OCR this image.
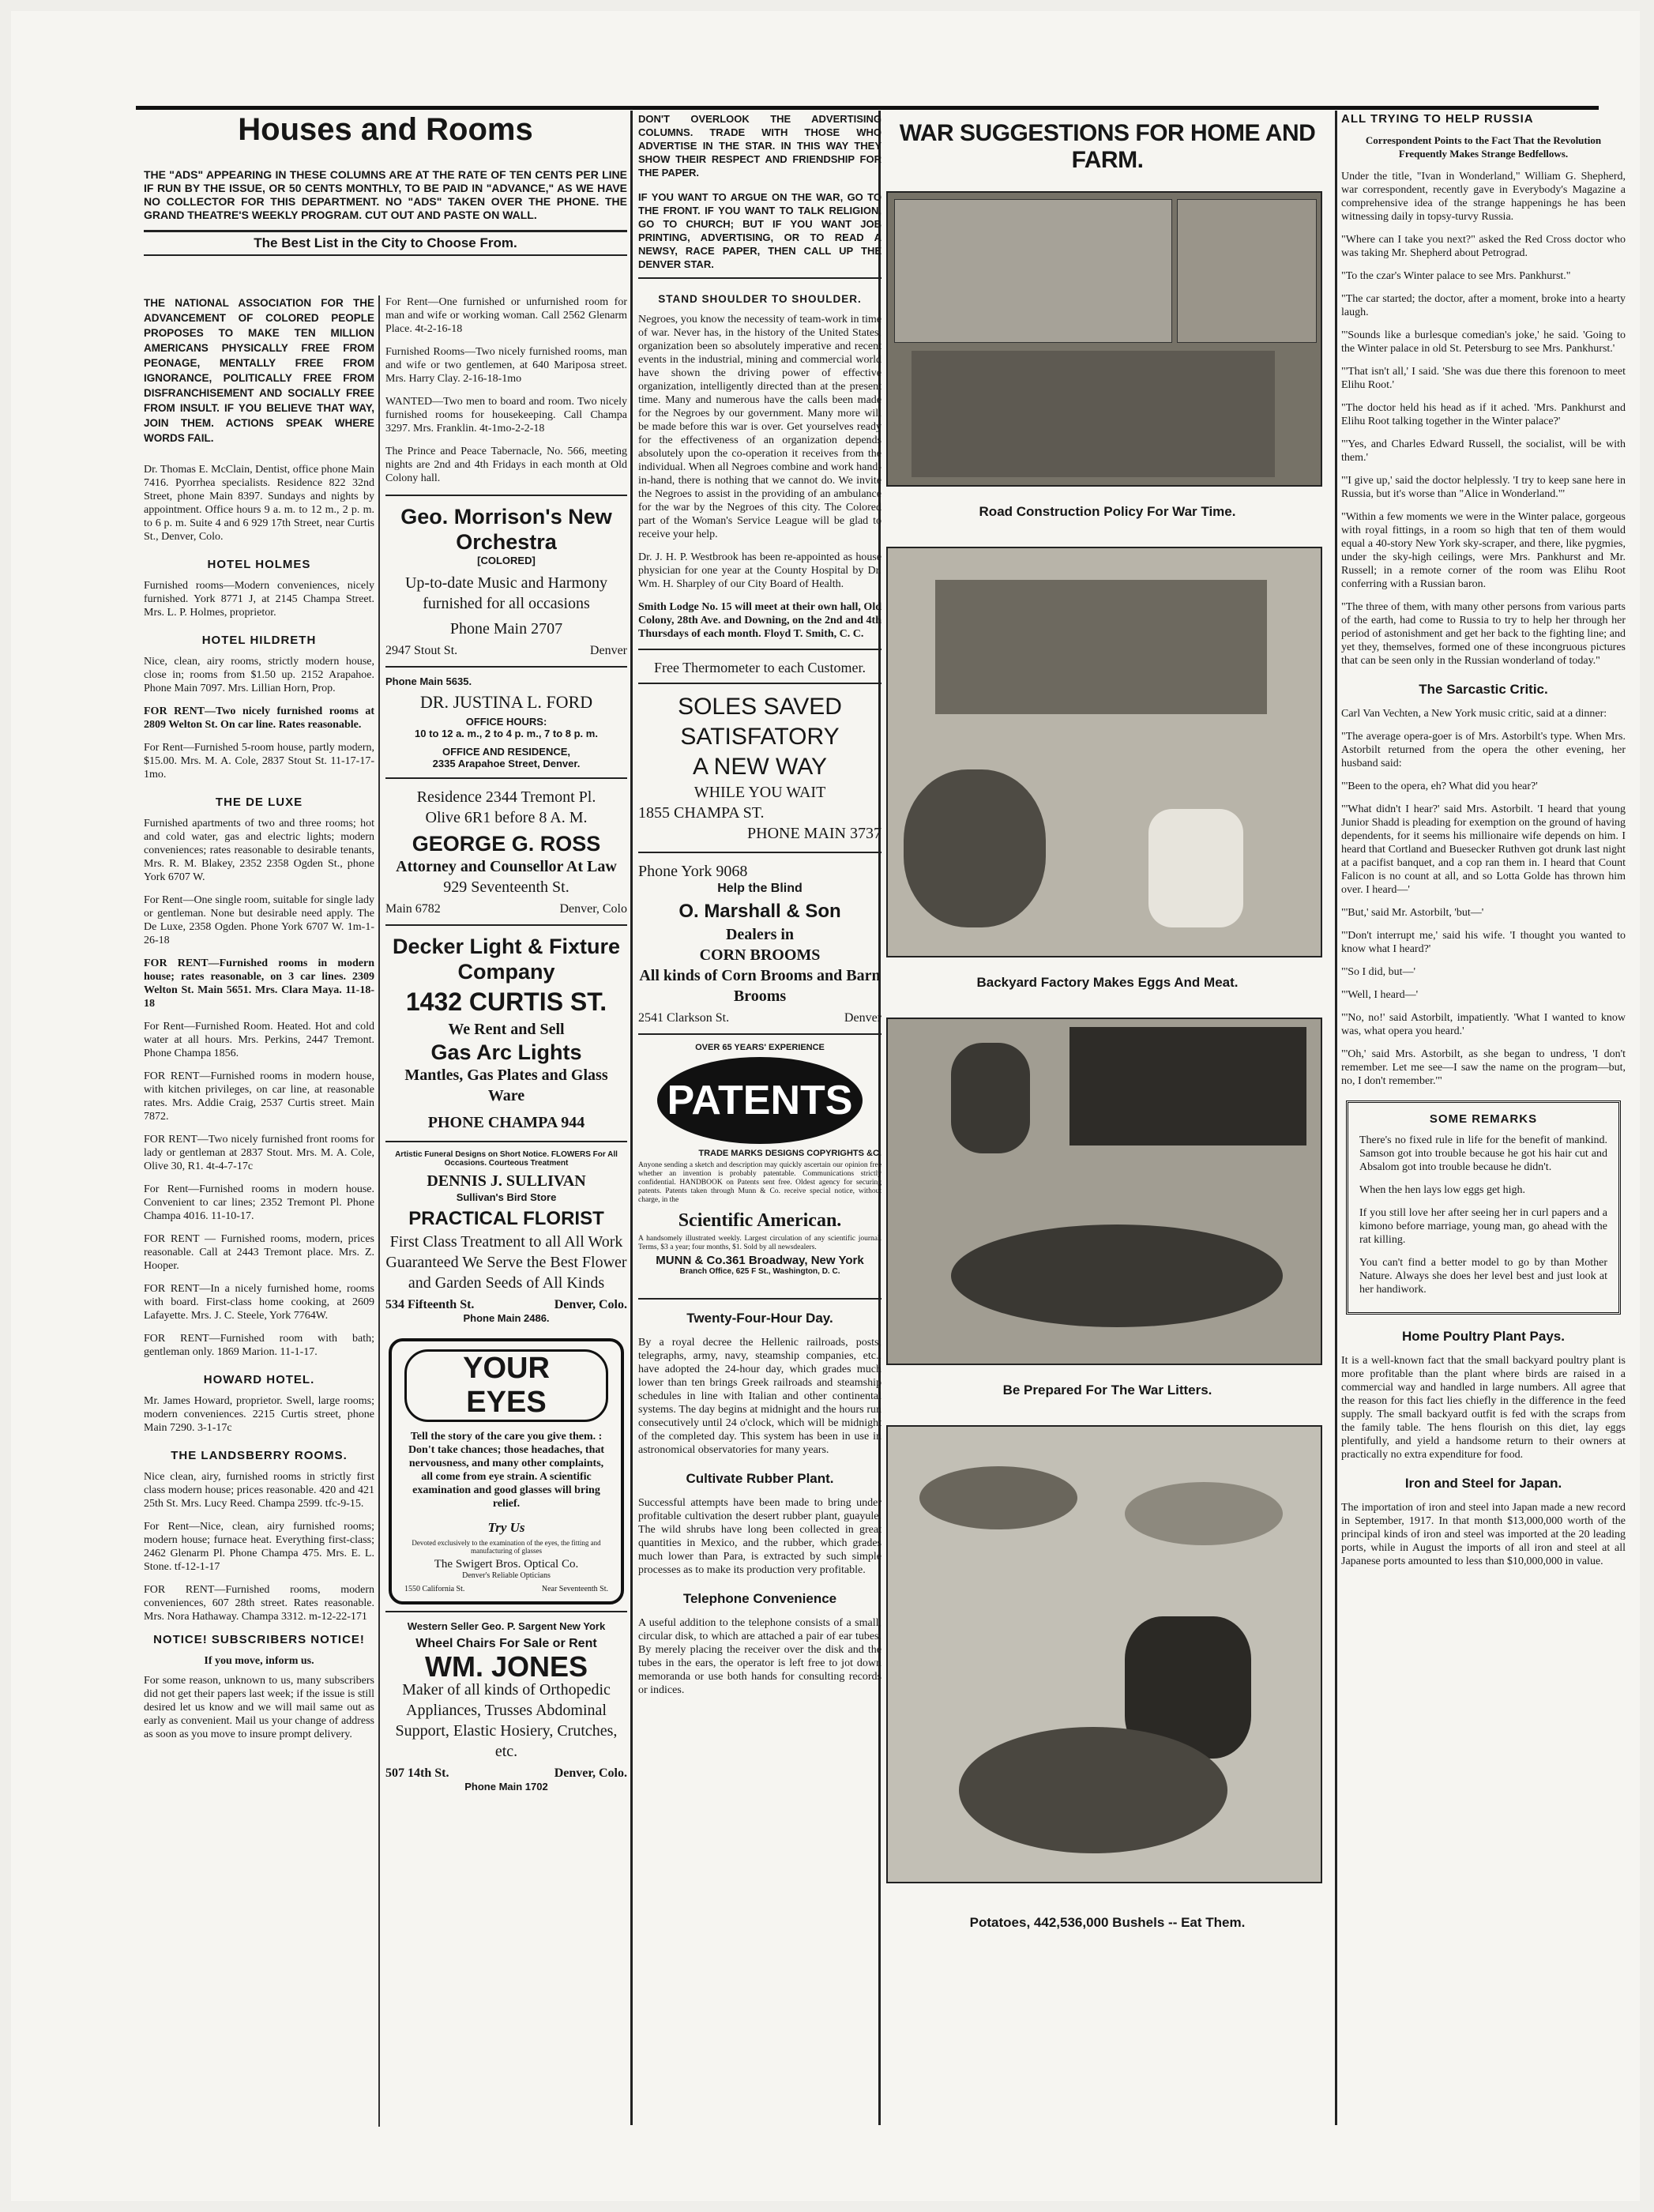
Houses and Rooms

THE "ADS" APPEARING IN THESE COLUMNS ARE AT THE RATE OF TEN CENTS PER LINE IF RUN BY THE ISSUE, OR 50 CENTS MONTHLY, TO BE PAID IN "ADVANCE," AS WE HAVE NO COLLECTOR FOR THIS DEPARTMENT. NO "ADS" TAKEN OVER THE PHONE. THE GRAND THEATRE'S WEEKLY PROGRAM. CUT OUT AND PASTE ON WALL.

The Best List in the City to Choose From.

THE NATIONAL ASSOCIATION FOR THE ADVANCEMENT OF COLORED PEOPLE PROPOSES TO MAKE TEN MILLION AMERICANS PHYSICALLY FREE FROM PEONAGE, MENTALLY FREE FROM IGNORANCE, POLITICALLY FREE FROM DISFRANCHISEMENT AND SOCIALLY FREE FROM INSULT. IF YOU BELIEVE THAT WAY, JOIN THEM. ACTIONS SPEAK WHERE WORDS FAIL.

Dr. Thomas E. McClain, Dentist, office phone Main 7416. Pyorrhea specialists. Residence 822 32nd Street, phone Main 8397. Sundays and nights by appointment. Office hours 9 a. m. to 12 m., 2 p. m. to 6 p. m. Suite 4 and 6 929 17th Street, near Curtis St., Denver, Colo.

HOTEL HOLMES

Furnished rooms—Modern conveniences, nicely furnished. York 8771 J, at 2145 Champa Street. Mrs. L. P. Holmes, proprietor.

HOTEL HILDRETH

Nice, clean, airy rooms, strictly modern house, close in; rooms from $1.50 up. 2152 Arapahoe. Phone Main 7097. Mrs. Lillian Horn, Prop.

FOR RENT—Two nicely furnished rooms at 2809 Welton St. On car line. Rates reasonable.

For Rent—Furnished 5-room house, partly modern, $15.00. Mrs. M. A. Cole, 2837 Stout St. 11-17-17-1mo.

THE DE LUXE

Furnished apartments of two and three rooms; hot and cold water, gas and electric lights; modern conveniences; rates reasonable to desirable tenants, Mrs. R. M. Blakey, 2352 2358 Ogden St., phone York 6707 W.

For Rent—One single room, suitable for single lady or gentleman. None but desirable need apply. The De Luxe, 2358 Ogden. Phone York 6707 W. 1m-1-26-18

FOR RENT—Furnished rooms in modern house; rates reasonable, on 3 car lines. 2309 Welton St. Main 5651. Mrs. Clara Maya. 11-18-18

For Rent—Furnished Room. Heated. Hot and cold water at all hours. Mrs. Perkins, 2447 Tremont. Phone Champa 1856.

FOR RENT—Furnished rooms in modern house, with kitchen privileges, on car line, at reasonable rates. Mrs. Addie Craig, 2537 Curtis street. Main 7872.

FOR RENT—Two nicely furnished front rooms for lady or gentleman at 2837 Stout. Mrs. M. A. Cole, Olive 30, R1. 4t-4-7-17c

For Rent—Furnished rooms in modern house. Convenient to car lines; 2352 Tremont Pl. Phone Champa 4016. 11-10-17.

FOR RENT — Furnished rooms, modern, prices reasonable. Call at 2443 Tremont place. Mrs. Z. Hooper.

FOR RENT—In a nicely furnished home, rooms with board. First-class home cooking, at 2609 Lafayette. Mrs. J. C. Steele, York 7764W.

FOR RENT—Furnished room with bath; gentleman only. 1869 Marion. 11-1-17.

HOWARD HOTEL.

Mr. James Howard, proprietor. Swell, large rooms; modern conveniences. 2215 Curtis street, phone Main 7290. 3-1-17c

THE LANDSBERRY ROOMS.

Nice clean, airy, furnished rooms in strictly first class modern house; prices reasonable. 420 and 421 25th St. Mrs. Lucy Reed. Champa 2599. tfc-9-15.

For Rent—Nice, clean, airy furnished rooms; modern house; furnace heat. Everything first-class; 2462 Glenarm Pl. Phone Champa 475. Mrs. E. L. Stone. tf-12-1-17

FOR RENT—Furnished rooms, modern conveniences, 607 28th street. Rates reasonable. Mrs. Nora Hathaway. Champa 3312. m-12-22-171

NOTICE! SUBSCRIBERS NOTICE!
If you move, inform us.

For some reason, unknown to us, many subscribers did not get their papers last week; if the issue is still desired let us know and we will mail same out as early as convenient. Mail us your change of address as soon as you move to insure prompt delivery.

For Rent—One furnished or unfurnished room for man and wife or working woman. Call 2562 Glenarm Place. 4t-2-16-18

Furnished Rooms—Two nicely furnished rooms, man and wife or two gentlemen, at 640 Mariposa street. Mrs. Harry Clay. 2-16-18-1mo

WANTED—Two men to board and room. Two nicely furnished rooms for housekeeping. Call Champa 3297. Mrs. Franklin. 4t-1mo-2-2-18

The Prince and Peace Tabernacle, No. 566, meeting nights are 2nd and 4th Fridays in each month at Old Colony hall.

Geo. Morrison's New Orchestra
[COLORED]
Up-to-date Music and Harmony furnished for all occasions
Phone Main 2707
2947 Stout St.	Denver
Phone Main 5635.
DR. JUSTINA L. FORD
OFFICE HOURS:
10 to 12 a. m., 2 to 4 p. m., 7 to 8 p. m.
OFFICE AND RESIDENCE,
2335 Arapahoe Street, Denver.
Residence 2344 Tremont Pl.
Olive 6R1 before 8 A. M.
GEORGE G. ROSS
Attorney and Counsellor At Law
929 Seventeenth St.
Main 6782	Denver, Colo
Decker Light & Fixture Company
1432 CURTIS ST.
We Rent and Sell
Gas Arc Lights
Mantles, Gas Plates and Glass Ware
PHONE CHAMPA 944
Artistic Funeral Designs on Short Notice. FLOWERS For All Occasions. Courteous Treatment
DENNIS J. SULLIVAN
Sullivan's Bird Store
PRACTICAL FLORIST
First Class Treatment to all All Work Guaranteed We Serve the Best Flower and Garden Seeds of All Kinds
534 Fifteenth St.	Denver, Colo.
Phone Main 2486.
YOUR EYES

Tell the story of the care you give them. : Don't take chances; those headaches, that nervousness, and many other complaints, all come from eye strain. A scientific examination and good glasses will bring relief.

Try Us
Devoted exclusively to the examination of the eyes, the fitting and manufacturing of glasses
The Swigert Bros. Optical Co.
Denver's Reliable Opticians
1550 California St.	Near Seventeenth St.
Western Seller Geo. P. Sargent New York
Wheel Chairs For Sale or Rent
WM. JONES
Maker of all kinds of Orthopedic Appliances, Trusses Abdominal Support, Elastic Hosiery, Crutches, etc.
507 14th St.	Denver, Colo.
Phone Main 1702

DON'T OVERLOOK THE ADVERTISING COLUMNS. TRADE WITH THOSE WHO ADVERTISE IN THE STAR. IN THIS WAY THEY SHOW THEIR RESPECT AND FRIENDSHIP FOR THE PAPER.

IF YOU WANT TO ARGUE ON THE WAR, GO TO THE FRONT. IF YOU WANT TO TALK RELIGION, GO TO CHURCH; BUT IF YOU WANT JOB PRINTING, ADVERTISING, OR TO READ A NEWSY, RACE PAPER, THEN CALL UP THE DENVER STAR.

STAND SHOULDER TO SHOULDER.

Negroes, you know the necessity of team-work in time of war. Never has, in the history of the United States, organization been so absolutely imperative and recent events in the industrial, mining and commercial world have shown the driving power of effective organization, intelligently directed than at the present time. Many and numerous have the calls been made for the Negroes by our government. Many more will be made before this war is over. Get yourselves ready for the effectiveness of an organization depends absolutely upon the co-operation it receives from the individual. When all Negroes combine and work hand-in-hand, there is nothing that we cannot do. We invite the Negroes to assist in the providing of an ambulance for the war by the Negroes of this city. The Colored part of the Woman's Service League will be glad to receive your help.

Dr. J. H. P. Westbrook has been re-appointed as house physician for one year at the County Hospital by Dr. Wm. H. Sharpley of our City Board of Health.

Smith Lodge No. 15 will meet at their own hall, Old Colony, 28th Ave. and Downing, on the 2nd and 4th Thursdays of each month. Floyd T. Smith, C. C.

Free Thermometer to each Customer.
SOLES SAVED
SATISFATORY
A NEW WAY
WHILE YOU WAIT
1855 CHAMPA ST.
PHONE MAIN 3737
Phone York 9068
Help the Blind
O. Marshall & Son
Dealers in
CORN BROOMS
All kinds of Corn Brooms and Barn Brooms
2541 Clarkson St.	Denver
OVER 65 YEARS' EXPERIENCE
PATENTS
TRADE MARKS DESIGNS COPYRIGHTS &C.

Anyone sending a sketch and description may quickly ascertain our opinion free whether an invention is probably patentable. Communications strictly confidential. HANDBOOK on Patents sent free. Oldest agency for securing patents. Patents taken through Munn & Co. receive special notice, without charge, in the

Scientific American.

A handsomely illustrated weekly. Largest circulation of any scientific journal. Terms, $3 a year; four months, $1. Sold by all newsdealers.

MUNN & Co.361 Broadway, New York
Branch Office, 625 F St., Washington, D. C.
Twenty-Four-Hour Day.

By a royal decree the Hellenic railroads, posts, telegraphs, army, navy, steamship companies, etc., have adopted the 24-hour day, which grades much lower than ten brings Greek railroads and steamship schedules in line with Italian and other continental systems. The day begins at midnight and the hours run consecutively until 24 o'clock, which will be midnight of the completed day. This system has been in use in astronomical observatories for many years.

Cultivate Rubber Plant.

Successful attempts have been made to bring under profitable cultivation the desert rubber plant, guayule. The wild shrubs have long been collected in great quantities in Mexico, and the rubber, which grades much lower than Para, is extracted by such simple processes as to make its production very profitable.

Telephone Convenience

A useful addition to the telephone consists of a small, circular disk, to which are attached a pair of ear tubes. By merely placing the receiver over the disk and the tubes in the ears, the operator is left free to jot down memoranda or use both hands for consulting records or indices.

WAR SUGGESTIONS FOR HOME AND FARM.
Road Construction Policy For War Time.
Backyard Factory Makes Eggs And Meat.
Be Prepared For The War Litters.
Potatoes, 442,536,000 Bushels -- Eat Them.
ALL TRYING TO HELP RUSSIA

Correspondent Points to the Fact That the Revolution Frequently Makes Strange Bedfellows.

Under the title, "Ivan in Wonderland," William G. Shepherd, war correspondent, recently gave in Everybody's Magazine a comprehensive idea of the strange happenings he has been witnessing daily in topsy-turvy Russia.

"Where can I take you next?" asked the Red Cross doctor who was taking Mr. Shepherd about Petrograd.

"To the czar's Winter palace to see Mrs. Pankhurst."

"The car started; the doctor, after a moment, broke into a hearty laugh.

"'Sounds like a burlesque comedian's joke,' he said. 'Going to the Winter palace in old St. Petersburg to see Mrs. Pankhurst.'

"'That isn't all,' I said. 'She was due there this forenoon to meet Elihu Root.'

"The doctor held his head as if it ached. 'Mrs. Pankhurst and Elihu Root talking together in the Winter palace?'

"'Yes, and Charles Edward Russell, the socialist, will be with them.'

"'I give up,' said the doctor helplessly. 'I try to keep sane here in Russia, but it's worse than "Alice in Wonderland."'

"Within a few moments we were in the Winter palace, gorgeous with royal fittings, in a room so high that ten of them would equal a 40-story New York sky-scraper, and there, like pygmies, under the sky-high ceilings, were Mrs. Pankhurst and Mr. Russell; in a remote corner of the room was Elihu Root conferring with a Russian baron.

"The three of them, with many other persons from various parts of the earth, had come to Russia to try to help her through her period of astonishment and get her back to the fighting line; and yet they, themselves, formed one of these incongruous pictures that can be seen only in the Russian wonderland of today."

The Sarcastic Critic.

Carl Van Vechten, a New York music critic, said at a dinner:

"The average opera-goer is of Mrs. Astorbilt's type. When Mrs. Astorbilt returned from the opera the other evening, her husband said:

"'Been to the opera, eh? What did you hear?'

"'What didn't I hear?' said Mrs. Astorbilt. 'I heard that young Junior Shadd is pleading for exemption on the ground of having dependents, for it seems his millionaire wife depends on him. I heard that Cortland and Buesecker Ruthven got drunk last night at a pacifist banquet, and a cop ran them in. I heard that Count Falicon is no count at all, and so Lotta Golde has thrown him over. I heard—'

"'But,' said Mr. Astorbilt, 'but—'

"'Don't interrupt me,' said his wife. 'I thought you wanted to know what I heard?'

"'So I did, but—'

"'Well, I heard—'

"'No, no!' said Astorbilt, impatiently. 'What I wanted to know was, what opera you heard.'

"'Oh,' said Mrs. Astorbilt, as she began to undress, 'I don't remember. Let me see—I saw the name on the program—but, no, I don't remember.'"

SOME REMARKS

There's no fixed rule in life for the benefit of mankind. Samson got into trouble because he got his hair cut and Absalom got into trouble because he didn't.

When the hen lays low eggs get high.

If you still love her after seeing her in curl papers and a kimono before marriage, young man, go ahead with the rat killing.

You can't find a better model to go by than Mother Nature. Always she does her level best and just look at her handiwork.

Home Poultry Plant Pays.

It is a well-known fact that the small backyard poultry plant is more profitable than the plant where birds are raised in a commercial way and handled in large numbers. All agree that the reason for this fact lies chiefly in the difference in the feed supply. The small backyard outfit is fed with the scraps from the family table. The hens flourish on this diet, lay eggs plentifully, and yield a handsome return to their owners at practically no extra expenditure for food.

Iron and Steel for Japan.

The importation of iron and steel into Japan made a new record in September, 1917. In that month $13,000,000 worth of the principal kinds of iron and steel was imported at the 20 leading ports, while in August the imports of all iron and steel at all Japanese ports amounted to less than $10,000,000 in value.
